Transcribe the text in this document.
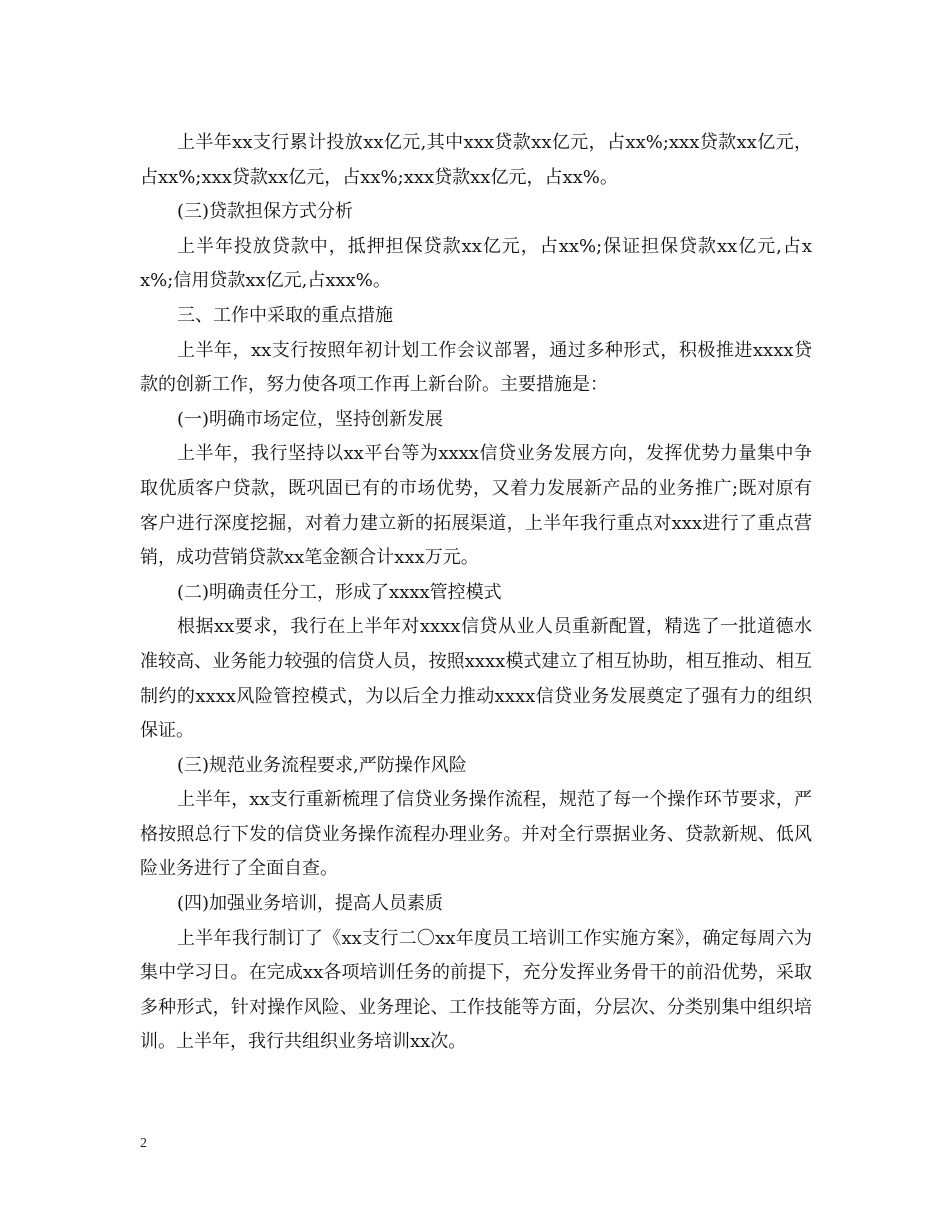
上半年xx支行累计投放xx亿元,其中xxx贷款xx亿元，占xx%;xxx贷款xx亿元，占xx%;xxx贷款xx亿元，占xx%;xxx贷款xx亿元，占xx%。

(三)贷款担保方式分析

上半年投放贷款中，抵押担保贷款xx亿元，占xx%;保证担保贷款xx亿元,占xx%;信用贷款xx亿元,占xxx%。

三、工作中采取的重点措施

上半年，xx支行按照年初计划工作会议部署，通过多种形式，积极推进xxxx贷款的创新工作，努力使各项工作再上新台阶。主要措施是：

(一)明确市场定位，坚持创新发展

上半年，我行坚持以xx平台等为xxxx信贷业务发展方向，发挥优势力量集中争取优质客户贷款，既巩固已有的市场优势，又着力发展新产品的业务推广;既对原有客户进行深度挖掘，对着力建立新的拓展渠道，上半年我行重点对xxx进行了重点营销，成功营销贷款xx笔金额合计xxx万元。

(二)明确责任分工，形成了xxxx管控模式

根据xx要求，我行在上半年对xxxx信贷从业人员重新配置，精选了一批道德水准较高、业务能力较强的信贷人员，按照xxxx模式建立了相互协助，相互推动、相互制约的xxxx风险管控模式，为以后全力推动xxxx信贷业务发展奠定了强有力的组织保证。

(三)规范业务流程要求,严防操作风险

上半年，xx支行重新梳理了信贷业务操作流程，规范了每一个操作环节要求，严格按照总行下发的信贷业务操作流程办理业务。并对全行票据业务、贷款新规、低风险业务进行了全面自查。

(四)加强业务培训，提高人员素质

上半年我行制订了《xx支行二〇xx年度员工培训工作实施方案》，确定每周六为集中学习日。在完成xx各项培训任务的前提下，充分发挥业务骨干的前沿优势，采取多种形式，针对操作风险、业务理论、工作技能等方面，分层次、分类别集中组织培训。上半年，我行共组织业务培训xx次。

2
